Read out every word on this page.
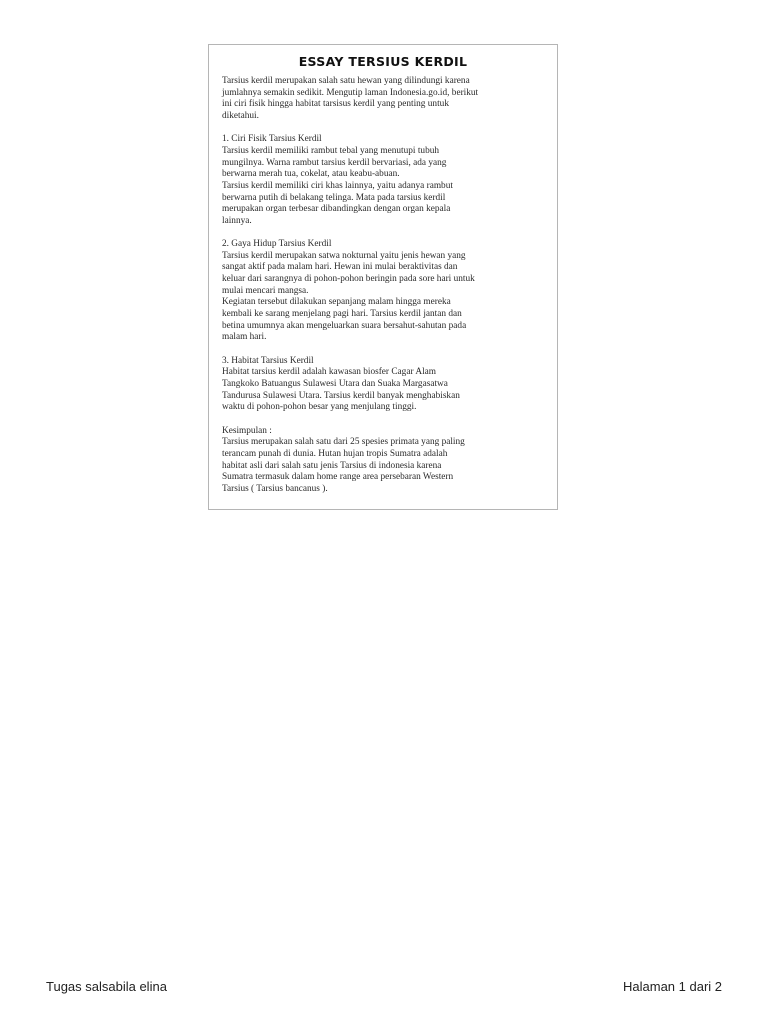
ESSAY TERSIUS KERDIL

Tarsius kerdil merupakan salah satu hewan yang dilindungi karena
jumlahnya semakin sedikit. Mengutip laman Indonesia.go.id, berikut
ini ciri fisik hingga habitat tarsisus kerdil yang penting untuk
diketahui.

1. Ciri Fisik Tarsius Kerdil
Tarsius kerdil memiliki rambut tebal yang menutupi tubuh
mungilnya. Warna rambut tarsius kerdil bervariasi, ada yang
berwarna merah tua, cokelat, atau keabu-abuan.
Tarsius kerdil memiliki ciri khas lainnya, yaitu adanya rambut
berwarna putih di belakang telinga. Mata pada tarsius kerdil
merupakan organ terbesar dibandingkan dengan organ kepala
lainnya.
2. Gaya Hidup Tarsius Kerdil
Tarsius kerdil merupakan satwa nokturnal yaitu jenis hewan yang
sangat aktif pada malam hari. Hewan ini mulai beraktivitas dan
keluar dari sarangnya di pohon-pohon beringin pada sore hari untuk
mulai mencari mangsa.
Kegiatan tersebut dilakukan sepanjang malam hingga mereka
kembali ke sarang menjelang pagi hari. Tarsius kerdil jantan dan
betina umumnya akan mengeluarkan suara bersahut-sahutan pada
malam hari.
3. Habitat Tarsius Kerdil
Habitat tarsius kerdil adalah kawasan biosfer Cagar Alam
Tangkoko Batuangus Sulawesi Utara dan Suaka Margasatwa
Tandurusa Sulawesi Utara. Tarsius kerdil banyak menghabiskan
waktu di pohon-pohon besar yang menjulang tinggi.
Kesimpulan :
Tarsius merupakan salah satu dari 25 spesies primata yang paling
terancam punah di dunia. Hutan hujan tropis Sumatra adalah
habitat asli dari salah satu jenis Tarsius di indonesia karena
Sumatra termasuk dalam home range area persebaran Western
Tarsius ( Tarsius bancanus ).
Tugas salsabila elina	Halaman 1 dari 2
